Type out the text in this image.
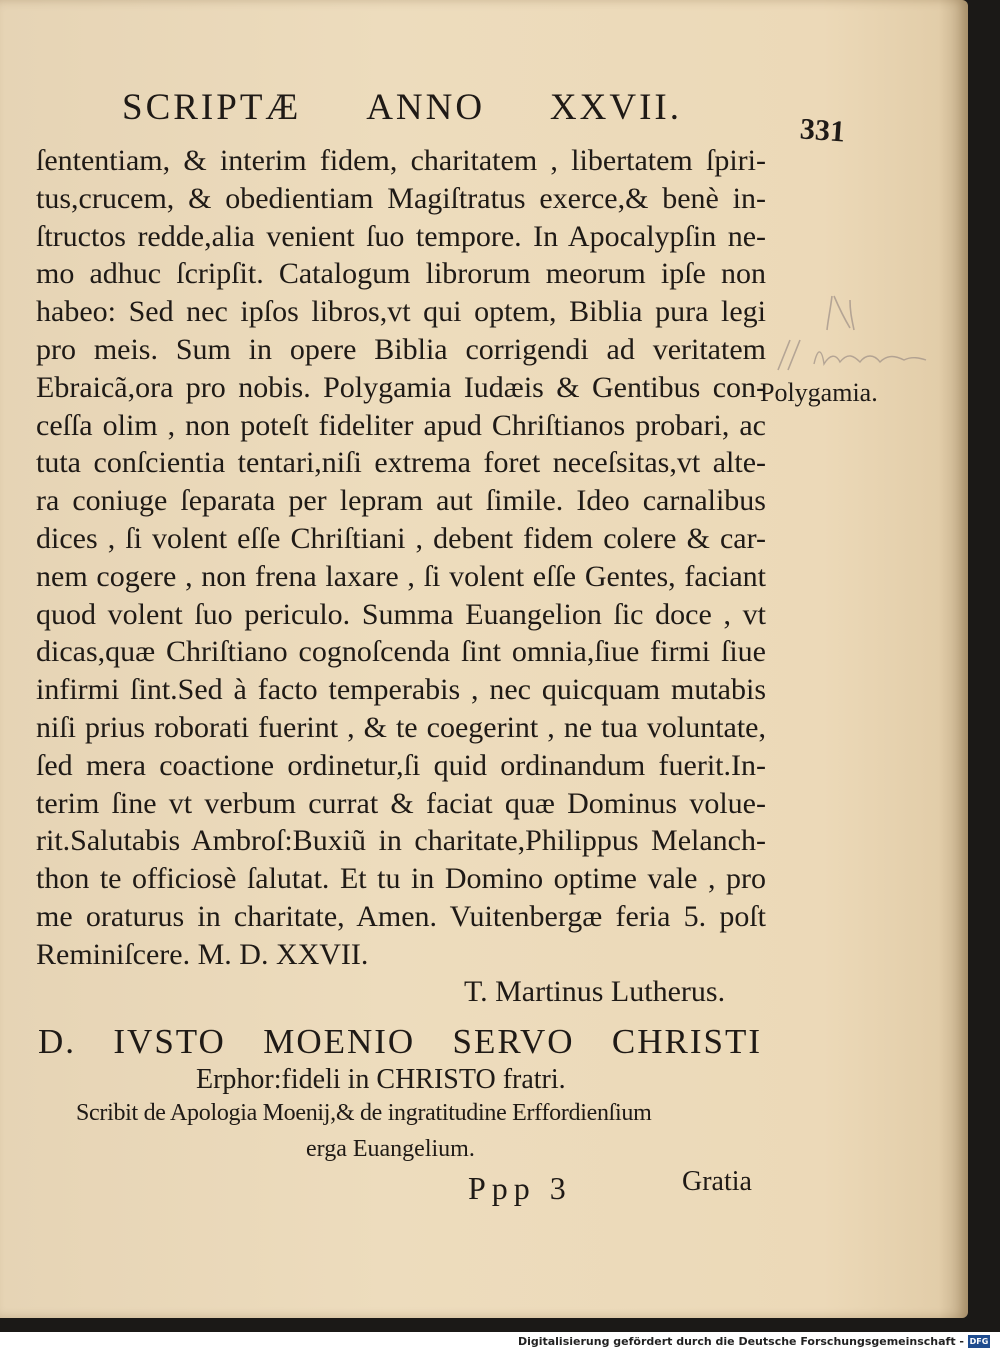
SCRIPTÆ ANNO XXVII.
331
ſententiam, & interim fidem, charitatem , libertatem ſpiri-
tus,crucem, & obedientiam Magiſtratus exerce,& benè in-
ſtructos redde,alia venient ſuo tempore. In Apocalypſin ne-
mo adhuc ſcripſit. Catalogum librorum meorum ipſe non
habeo: Sed nec ipſos libros,vt qui optem, Biblia pura legi
pro meis. Sum in opere Biblia corrigendi ad veritatem
Ebraicã,ora pro nobis. Polygamia Iudæis & Gentibus con-
ceſſa olim , non poteſt fideliter apud Chriſtianos probari, ac
tuta conſcientia tentari,niſi extrema foret neceſsitas,vt alte-
ra coniuge ſeparata per lepram aut ſimile. Ideo carnalibus
dices , ſi volent eſſe Chriſtiani , debent fidem colere & car-
nem cogere , non frena laxare , ſi volent eſſe Gentes, faciant
quod volent ſuo periculo. Summa Euangelion ſic doce , vt
dicas,quæ Chriſtiano cognoſcenda ſint omnia,ſiue firmi ſiue
infirmi ſint.Sed à facto temperabis , nec quicquam mutabis
niſi prius roborati fuerint , & te coegerint , ne tua voluntate,
ſed mera coactione ordinetur,ſi quid ordinandum fuerit.In-
terim ſine vt verbum currat & faciat quæ Dominus volue-
rit.Salutabis Ambroſ:Buxiũ in charitate,Philippus Melanch-
thon te officiosè ſalutat. Et tu in Domino optime vale , pro
me oraturus in charitate, Amen. Vuitenbergæ feria 5. poſt
Reminiſcere. M. D. XXVII.
T. Martinus Lutherus.
D. IVSTO MOENIO SERVO CHRISTI
Erphor:fideli in CHRISTO fratri.
Scribit de Apologia Moenij,& de ingratitudine Erffordienſium
erga Euangelium.
Ppp 3	Gratia
Polygamia.
Digitalisierung gefördert durch die Deutsche Forschungsgemeinschaft - DFG
